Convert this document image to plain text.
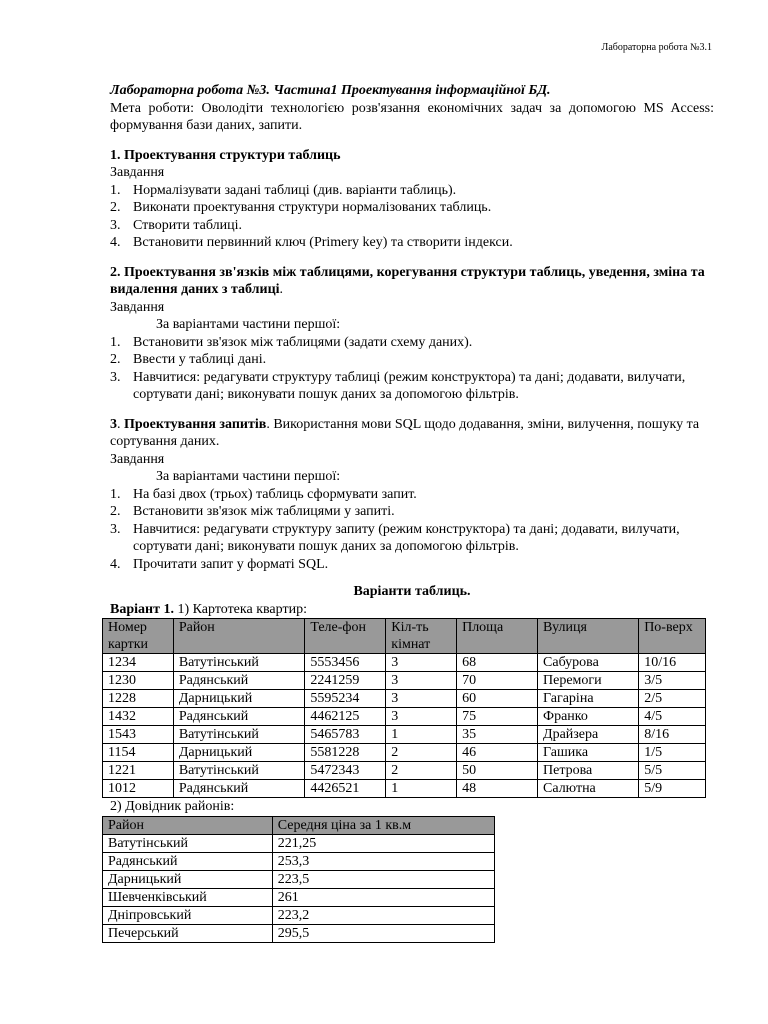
Лабораторна робота №3.1

Лабораторна робота №3. Частина1 Проектування інформаційної БД.

Мета роботи: Оволодіти технологією розв'язання економічних задач за допомогою MS Access: формування бази даних, запити.

1. Проектування структури таблиць

Завдання

1. Нормалізувати задані таблиці (див. варіанти таблиць).
2. Виконати проектування структури нормалізованих таблиць.
3. Створити таблиці.
4. Встановити первинний ключ (Primery key) та створити індекси.

2. Проектування зв'язків між таблицями, корегування структури таблиць, уведення, зміна та видалення даних з таблиці.

Завдання

За варіантами частини першої:

1. Встановити зв'язок між таблицями (задати схему даних).
2. Ввести у таблиці дані.
3. Навчитися: редагувати структуру таблиці (режим конструктора) та дані; додавати, вилучати, сортувати дані; виконувати пошук даних за допомогою фільтрів.

3. Проектування запитів. Використання мови SQL щодо додавання, зміни, вилучення, пошуку та сортування даних.

Завдання

За варіантами частини першої:

1. На базі двох (трьох) таблиць сформувати запит.
2. Встановити зв'язок між таблицями у запиті.
3. Навчитися: редагувати структуру запиту (режим конструктора) та дані; додавати, вилучати, сортувати дані; виконувати пошук даних за допомогою фільтрів.
4. Прочитати запит у форматі SQL.

Варіанти таблиць.

Варіант 1. 1) Картотека квартир:

Номер картки	Район	Теле-фон	Кіл-ть кімнат	Площа	Вулиця	По-верх
1234	Ватутінський	5553456	3	68	Сабурова	10/16
1230	Радянський	2241259	3	70	Перемоги	3/5
1228	Дарницький	5595234	3	60	Гагаріна	2/5
1432	Радянський	4462125	3	75	Франко	4/5
1543	Ватутінський	5465783	1	35	Драйзера	8/16
1154	Дарницький	5581228	2	46	Гашика	1/5
1221	Ватутінський	5472343	2	50	Петрова	5/5
1012	Радянський	4426521	1	48	Салютна	5/9

2) Довідник районів:

Район	Середня ціна за 1 кв.м
Ватутінський	221,25
Радянський	253,3
Дарницький	223,5
Шевченківський	261
Дніпровський	223,2
Печерський	295,5
